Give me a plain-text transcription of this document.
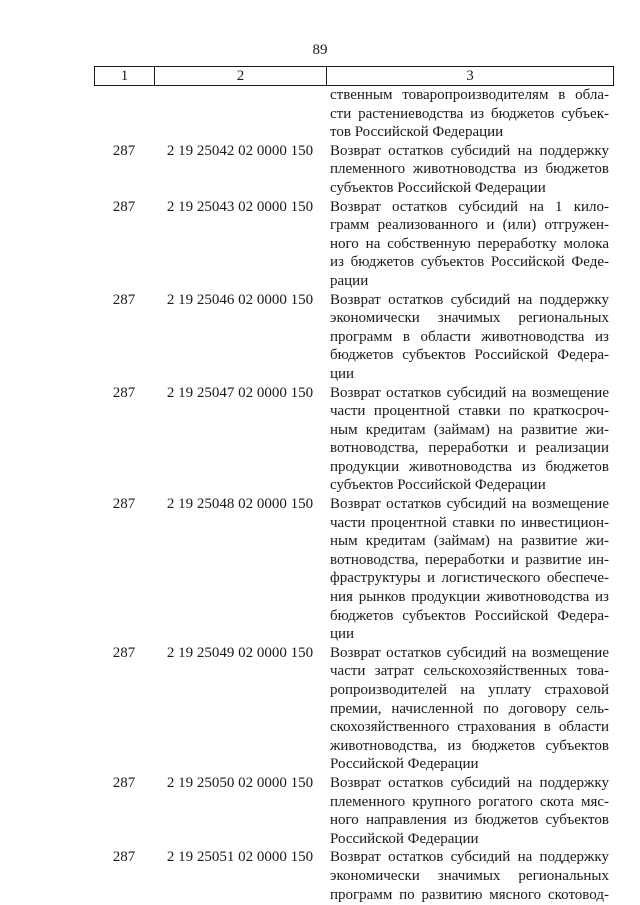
89
1	2	3
ственным товаропроизводителям в обла-
сти растениеводства из бюджетов субъек-
тов Российской Федерации
287	2 19 25042 02 0000 150	Возврат остатков субсидий на поддержку
племенного животноводства из бюджетов
субъектов Российской Федерации
287	2 19 25043 02 0000 150	Возврат остатков субсидий на 1 кило-
грамм реализованного и (или) отгружен-
ного на собственную переработку молока
из бюджетов субъектов Российской Феде-
рации
287	2 19 25046 02 0000 150	Возврат остатков субсидий на поддержку
экономически значимых региональных
программ в области животноводства из
бюджетов субъектов Российской Федера-
ции
287	2 19 25047 02 0000 150	Возврат остатков субсидий на возмещение
части процентной ставки по краткосроч-
ным кредитам (займам) на развитие жи-
вотноводства, переработки и реализации
продукции животноводства из бюджетов
субъектов Российской Федерации
287	2 19 25048 02 0000 150	Возврат остатков субсидий на возмещение
части процентной ставки по инвестицион-
ным кредитам (займам) на развитие жи-
вотноводства, переработки и развитие ин-
фраструктуры и логистического обеспече-
ния рынков продукции животноводства из
бюджетов субъектов Российской Федера-
ции
287	2 19 25049 02 0000 150	Возврат остатков субсидий на возмещение
части затрат сельскохозяйственных това-
ропроизводителей на уплату страховой
премии, начисленной по договору сель-
скохозяйственного страхования в области
животноводства, из бюджетов субъектов
Российской Федерации
287	2 19 25050 02 0000 150	Возврат остатков субсидий на поддержку
племенного крупного рогатого скота мяс-
ного направления из бюджетов субъектов
Российской Федерации
287	2 19 25051 02 0000 150	Возврат остатков субсидий на поддержку
экономически значимых региональных
программ по развитию мясного скотовод-
